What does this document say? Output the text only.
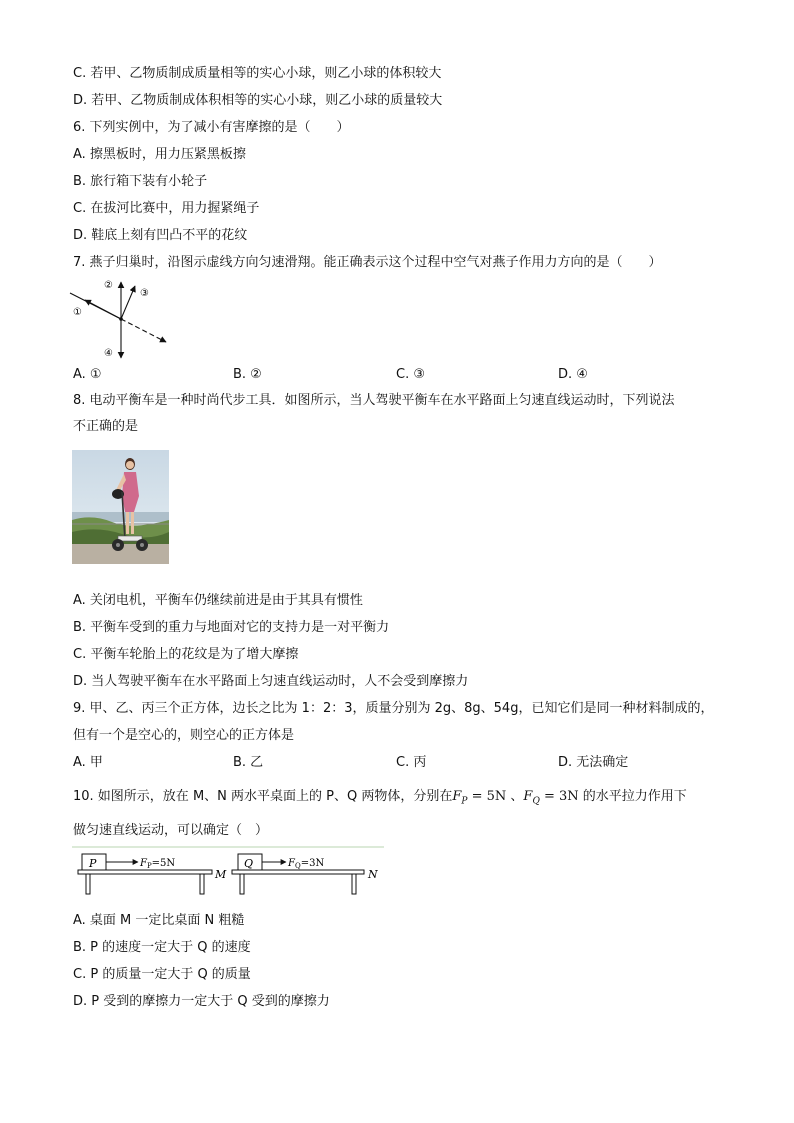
C. 若甲、乙物质制成质量相等的实心小球，则乙小球的体积较大
D. 若甲、乙物质制成体积相等的实心小球，则乙小球的质量较大
6. 下列实例中，为了减小有害摩擦的是（　　）
A. 擦黑板时，用力压紧黑板擦
B. 旅行箱下装有小轮子
C. 在拔河比赛中，用力握紧绳子
D. 鞋底上刻有凹凸不平的花纹
7. 燕子归巢时，沿图示虚线方向匀速滑翔。能正确表示这个过程中空气对燕子作用力方向的是（　　）
①
②
③
④
A. ①	B. ②	C. ③	D. ④
8. 电动平衡车是一种时尚代步工具．如图所示，当人驾驶平衡车在水平路面上匀速直线运动时，下列说法
不正确的是
A. 关闭电机，平衡车仍继续前进是由于其具有惯性
B. 平衡车受到的重力与地面对它的支持力是一对平衡力
C. 平衡车轮胎上的花纹是为了增大摩擦
D. 当人驾驶平衡车在水平路面上匀速直线运动时，人不会受到摩擦力
9. 甲、乙、丙三个正方体，边长之比为 1：2：3，质量分别为 2g、8g、54g，已知它们是同一种材料制成的，
但有一个是空心的，则空心的正方体是
A. 甲	B. 乙	C. 丙	D. 无法确定
10. 如图所示，放在 M、N 两水平桌面上的 P、Q 两物体，分别在$F_P = 5N$ 、$F_Q = 3N$ 的水平拉力作用下
做匀速直线运动，可以确定（　）
P	$F_P=5N$
M
Q	$F_Q=3N$
N
A. 桌面 M 一定比桌面 N 粗糙
B. P 的速度一定大于 Q 的速度
C. P 的质量一定大于 Q 的质量
D. P 受到的摩擦力一定大于 Q 受到的摩擦力
